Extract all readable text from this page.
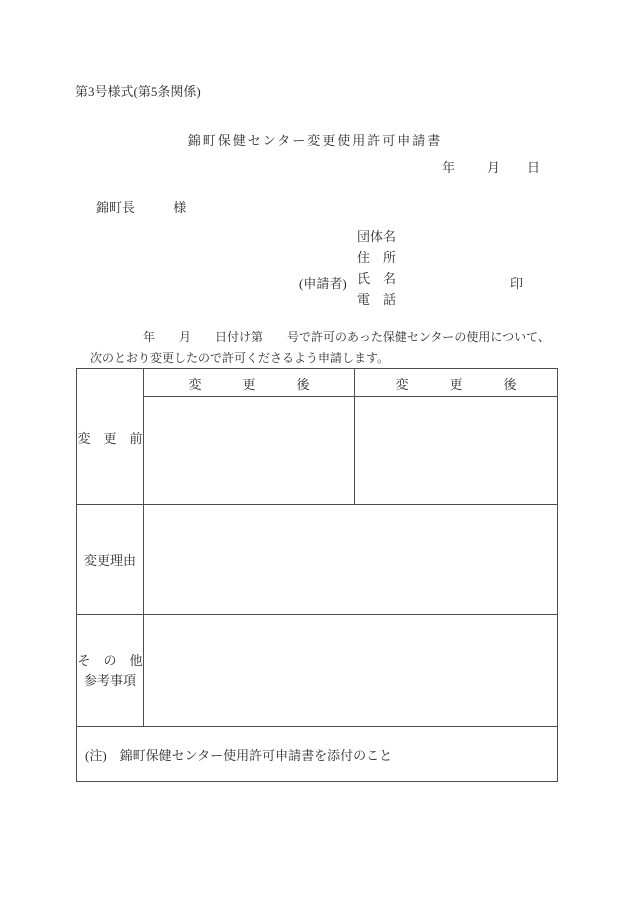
第3号様式(第5条関係)
錦町保健センター変更使用許可申請書
年 月 日
錦町長	様
(申請者)
団体名
住　所
氏　名
電　話
印
年　　月　　日付け第　　号で許可のあった保健センターの使用について、
次のとおり変更したので許可くださるよう申請します。
変　更　後	変　更　後
変　更　前
変更理由
そ　の　他
参考事項
(注)　錦町保健センター使用許可申請書を添付のこと
